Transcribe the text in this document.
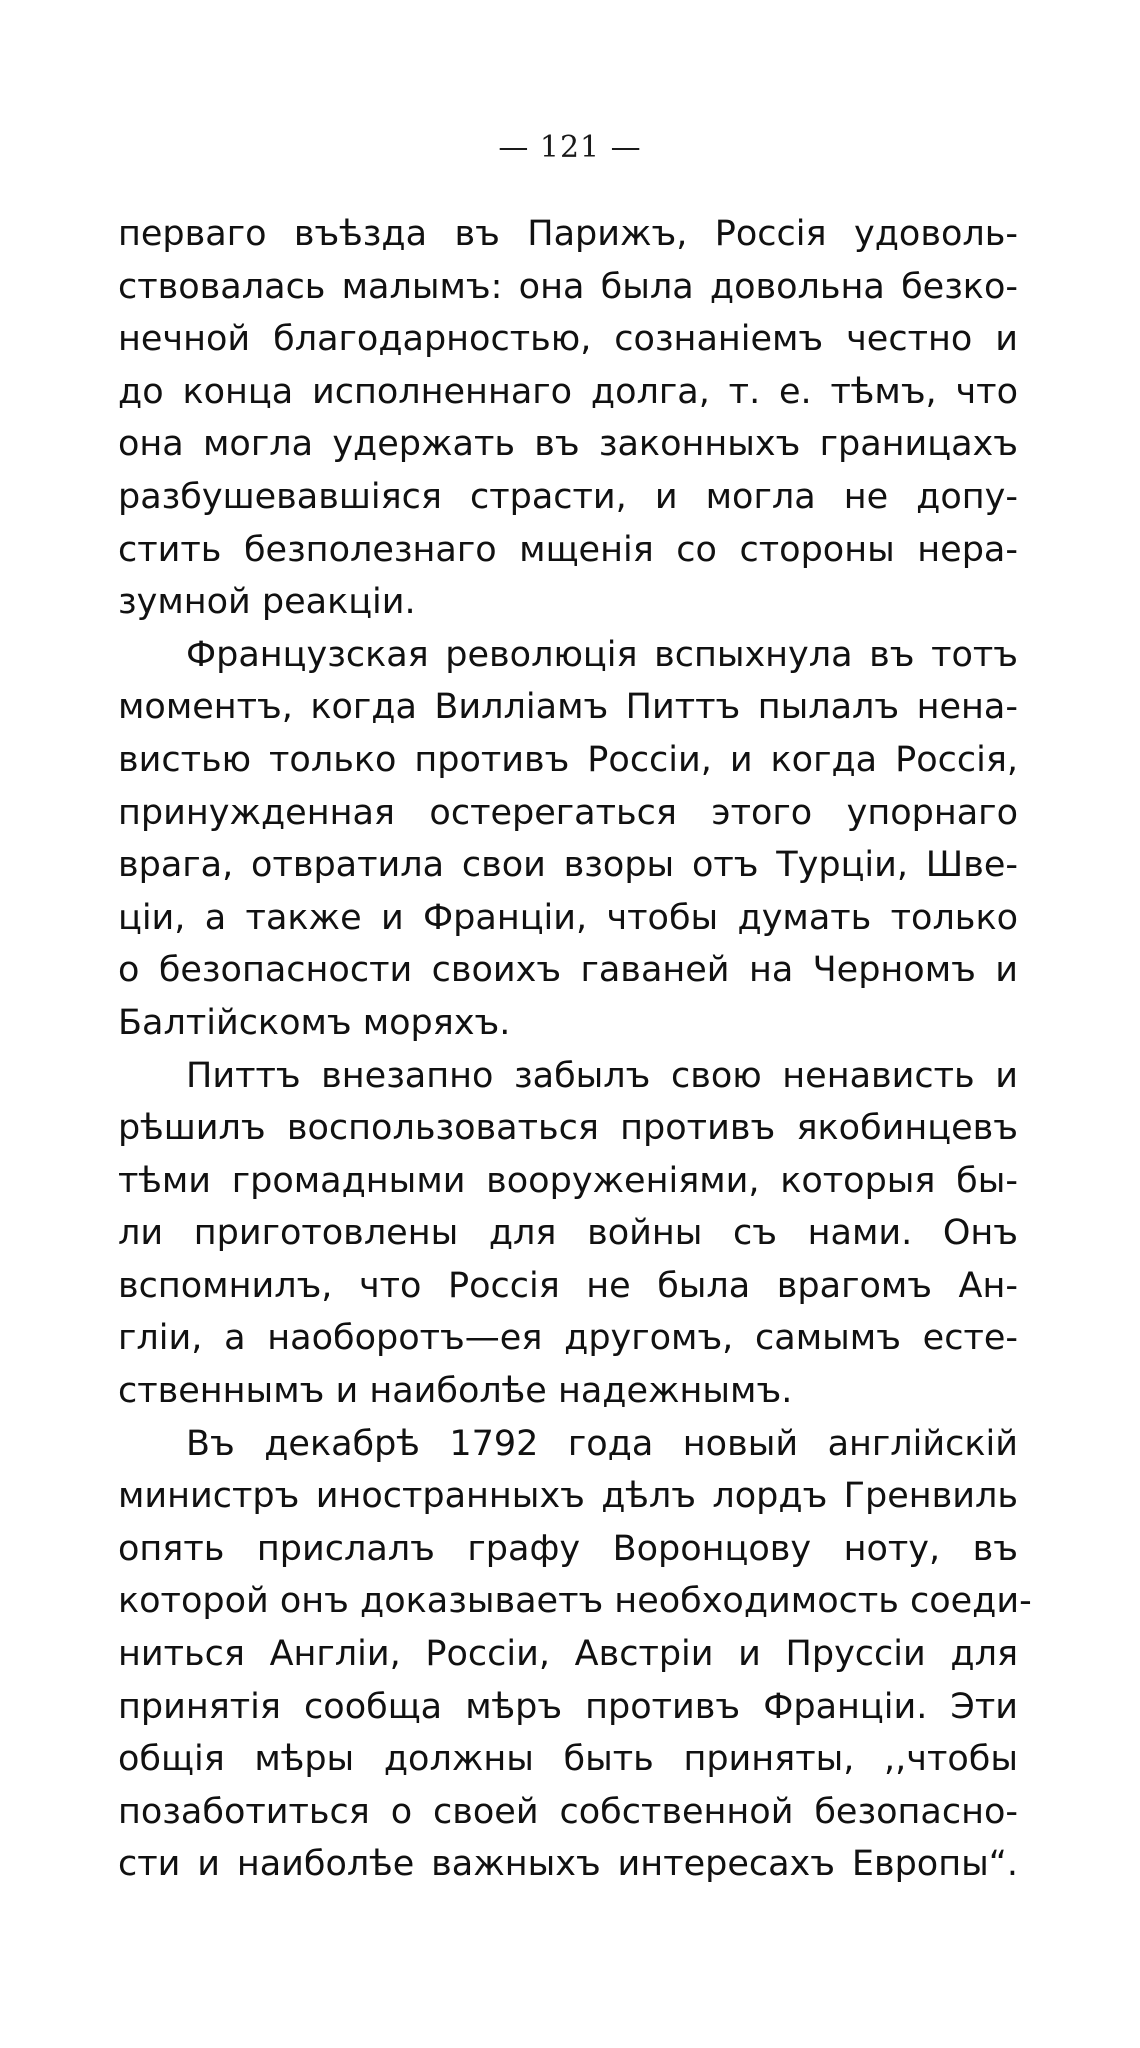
— 121 —
перваго въѣзда въ Парижъ, Россія удоволь-
ствовалась малымъ: она была довольна безко-
нечной благодарностью, сознаніемъ честно и
до конца исполненнаго долга, т. е. тѣмъ, что
она могла удержать въ законныхъ границахъ
разбушевавшіяся страсти, и могла не допу-
стить безполезнаго мщенія со стороны нера-
зумной реакціи.
Французская революція вспыхнула въ тотъ
моментъ, когда Вилліамъ Питтъ пылалъ нена-
вистью только противъ Россіи, и когда Россія,
принужденная остерегаться этого упорнаго
врага, отвратила свои взоры отъ Турціи, Шве-
ціи, а также и Франціи, чтобы думать только
о безопасности своихъ гаваней на Черномъ и
Балтійскомъ моряхъ.
Питтъ внезапно забылъ свою ненависть и
рѣшилъ воспользоваться противъ якобинцевъ
тѣми громадными вооруженіями, которыя бы-
ли приготовлены для войны съ нами. Онъ
вспомнилъ, что Россія не была врагомъ Ан-
гліи, а наоборотъ—ея другомъ, самымъ есте-
ственнымъ и наиболѣе надежнымъ.
Въ декабрѣ 1792 года новый англійскій
министръ иностранныхъ дѣлъ лордъ Гренвиль
опять прислалъ графу Воронцову ноту, въ
которой онъ доказываетъ необходимость соеди-
ниться Англіи, Россіи, Австріи и Пруссіи для
принятія сообща мѣръ противъ Франціи. Эти
общія мѣры должны быть приняты, ,,чтобы
позаботиться о своей собственной безопасно-
сти и наиболѣе важныхъ интересахъ Европы“.
